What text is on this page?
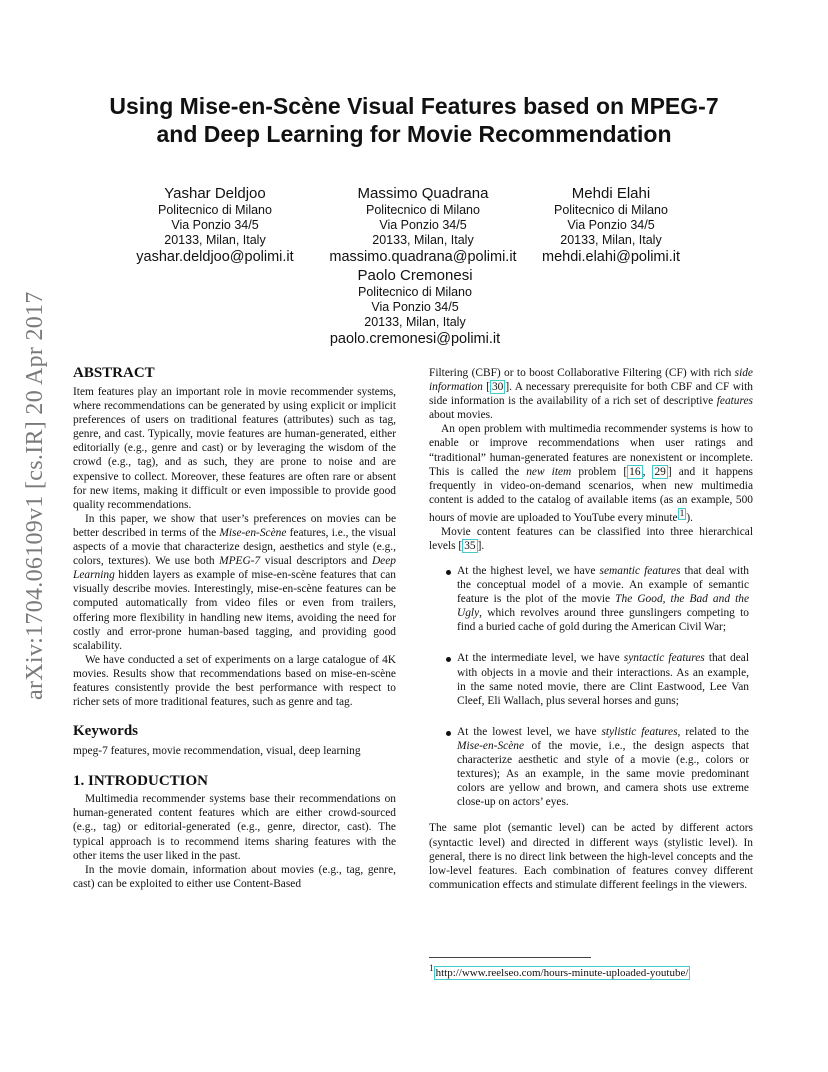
arXiv:1704.06109v1 [cs.IR] 20 Apr 2017
Using Mise-en-Scène Visual Features based on MPEG-7
and Deep Learning for Movie Recommendation
Yashar Deldjoo
Politecnico di Milano
Via Ponzio 34/5
20133, Milan, Italy
yashar.deldjoo@polimi.it
Massimo Quadrana
Politecnico di Milano
Via Ponzio 34/5
20133, Milan, Italy
massimo.quadrana@polimi.it
Mehdi Elahi
Politecnico di Milano
Via Ponzio 34/5
20133, Milan, Italy
mehdi.elahi@polimi.it
Paolo Cremonesi
Politecnico di Milano
Via Ponzio 34/5
20133, Milan, Italy
paolo.cremonesi@polimi.it
ABSTRACT

Item features play an important role in movie recommender systems, where recommendations can be generated by using explicit or implicit preferences of users on traditional features (attributes) such as tag, genre, and cast. Typically, movie features are human-generated, either editorially (e.g., genre and cast) or by leveraging the wisdom of the crowd (e.g., tag), and as such, they are prone to noise and are expensive to collect. Moreover, these features are often rare or absent for new items, making it difficult or even impossible to provide good quality recommendations.

In this paper, we show that user’s preferences on movies can be better described in terms of the Mise-en-Scène features, i.e., the visual aspects of a movie that characterize design, aesthetics and style (e.g., colors, textures). We use both MPEG-7 visual descriptors and Deep Learning hidden layers as example of mise-en-scène features that can visually describe movies. Interestingly, mise-en-scène features can be computed automatically from video files or even from trailers, offering more flexibility in handling new items, avoiding the need for costly and error-prone human-based tagging, and providing good scalability.

We have conducted a set of experiments on a large catalogue of 4K movies. Results show that recommendations based on mise-en-scène features consistently provide the best performance with respect to richer sets of more traditional features, such as genre and tag.

Keywords

mpeg-7 features, movie recommendation, visual, deep learning

1. INTRODUCTION

Multimedia recommender systems base their recommendations on human-generated content features which are either crowd-sourced (e.g., tag) or editorial-generated (e.g., genre, director, cast). The typical approach is to recommend items sharing features with the other items the user liked in the past.

In the movie domain, information about movies (e.g., tag, genre, cast) can be exploited to either use Content-Based

Filtering (CBF) or to boost Collaborative Filtering (CF) with rich side information [ 30 ]. A necessary prerequisite for both CBF and CF with side information is the availability of a rich set of descriptive features about movies.

An open problem with multimedia recommender systems is how to enable or improve recommendations when user ratings and “traditional” human-generated features are nonexistent or incomplete. This is called the new item problem [ 16 , 29 ] and it happens frequently in video-on-demand scenarios, when new multimedia content is added to the catalog of available items (as an example, 500 hours of movie are uploaded to YouTube every minute $^1$ ).

Movie content features can be classified into three hierarchical levels [ 35 ].

At the highest level, we have semantic features that deal with the conceptual model of a movie. An example of semantic feature is the plot of the movie The Good, the Bad and the Ugly, which revolves around three gunslingers competing to find a buried cache of gold during the American Civil War;
At the intermediate level, we have syntactic features that deal with objects in a movie and their interactions. As an example, in the same noted movie, there are Clint Eastwood, Lee Van Cleef, Eli Wallach, plus several horses and guns;
At the lowest level, we have stylistic features, related to the Mise-en-Scène of the movie, i.e., the design aspects that characterize aesthetic and style of a movie (e.g., colors or textures); As an example, in the same movie predominant colors are yellow and brown, and camera shots use extreme close-up on actors’ eyes.

The same plot (semantic level) can be acted by different actors (syntactic level) and directed in different ways (stylistic level). In general, there is no direct link between the high-level concepts and the low-level features. Each combination of features convey different communication effects and stimulate different feelings in the viewers.

$^1$ http://www.reelseo.com/hours-minute-uploaded-youtube/
